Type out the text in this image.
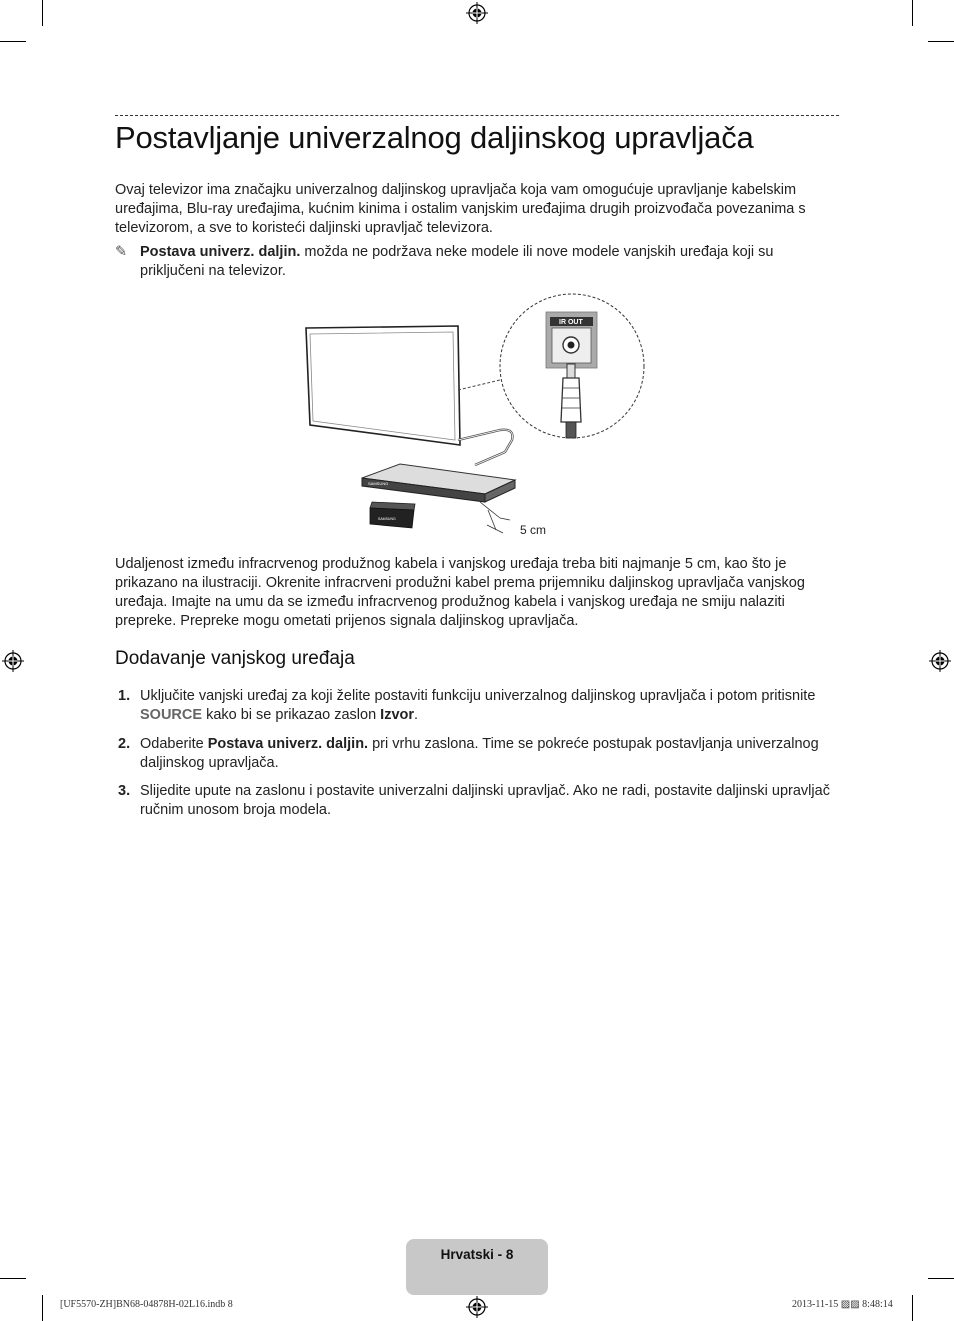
Postavljanje univerzalnog daljinskog upravljača
Ovaj televizor ima značajku univerzalnog daljinskog upravljača koja vam omogućuje upravljanje kabelskim uređajima, Blu-ray uređajima, kućnim kinima i ostalim vanjskim uređajima drugih proizvođača povezanima s televizorom, a sve to koristeći daljinski upravljač televizora.
✎ Postava univerz. daljin. možda ne podržava neke modele ili nove modele vanjskih uređaja koji su priključeni na televizor.
SAMSUNG
SAMSUNG
5 cm
IR OUT
Udaljenost između infracrvenog produžnog kabela i vanjskog uređaja treba biti najmanje 5 cm, kao što je prikazano na ilustraciji. Okrenite infracrveni produžni kabel prema prijemniku daljinskog upravljača vanjskog uređaja. Imajte na umu da se između infracrvenog produžnog kabela i vanjskog uređaja ne smiju nalaziti prepreke. Prepreke mogu ometati prijenos signala daljinskog upravljača.
Dodavanje vanjskog uređaja
1. Uključite vanjski uređaj za koji želite postaviti funkciju univerzalnog daljinskog upravljača i potom pritisnite SOURCE kako bi se prikazao zaslon Izvor.
2. Odaberite Postava univerz. daljin. pri vrhu zaslona. Time se pokreće postupak postavljanja univerzalnog daljinskog upravljača.
3. Slijedite upute na zaslonu i postavite univerzalni daljinski upravljač. Ako ne radi, postavite daljinski upravljač ručnim unosom broja modela.
Hrvatski - 8
[UF5570-ZH]BN68-04878H-02L16.indb 8	2013-11-15 ▨▨ 8:48:14
